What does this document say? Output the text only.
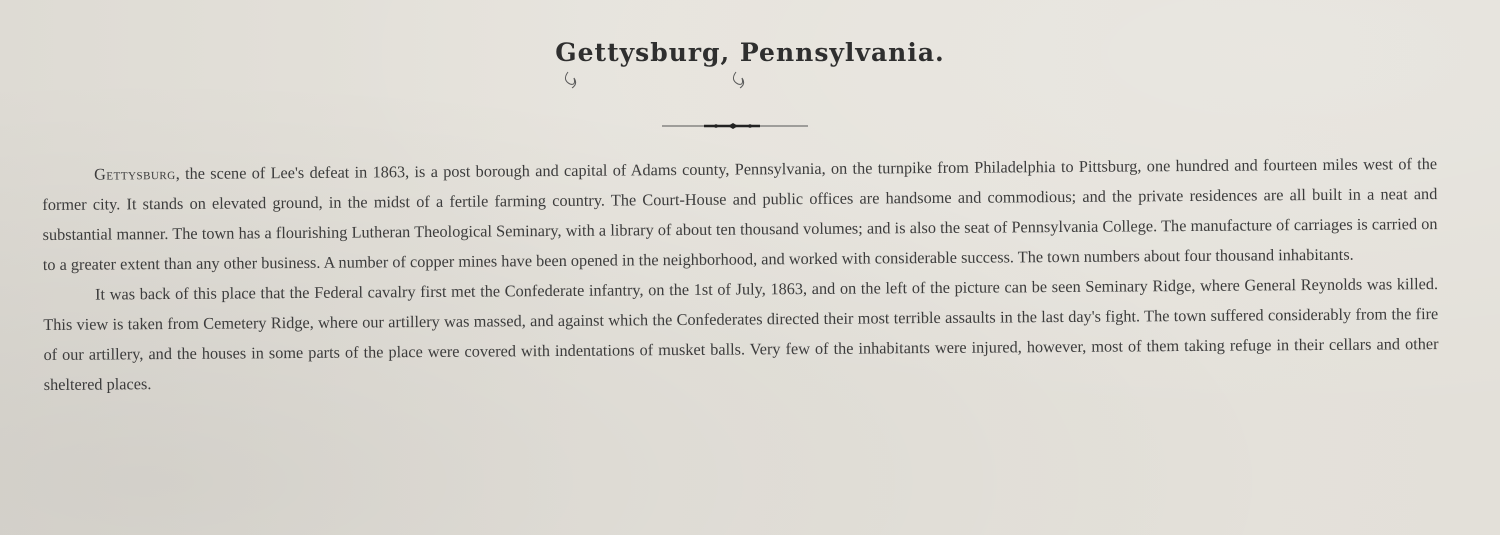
Gettysburg, Pennsylvania.

Gettysburg, the scene of Lee's defeat in 1863, is a post borough and capital of Adams county, Pennsylvania, on the turnpike from Philadelphia to Pittsburg, one hundred and fourteen miles west of the former city. It stands on elevated ground, in the midst of a fertile farming country. The Court-House and public offices are handsome and commodious; and the private residences are all built in a neat and substantial manner. The town has a flourishing Lutheran Theological Seminary, with a library of about ten thousand volumes; and is also the seat of Pennsylvania College. The manufacture of carriages is carried on to a greater extent than any other business. A number of copper mines have been opened in the neighborhood, and worked with considerable success. The town numbers about four thousand inhabitants.

It was back of this place that the Federal cavalry first met the Confederate infantry, on the 1st of July, 1863, and on the left of the picture can be seen Seminary Ridge, where General Reynolds was killed. This view is taken from Cemetery Ridge, where our artillery was massed, and against which the Confederates directed their most terrible assaults in the last day's fight. The town suffered considerably from the fire of our artillery, and the houses in some parts of the place were covered with indentations of musket balls. Very few of the inhabitants were injured, however, most of them taking refuge in their cellars and other sheltered places.
